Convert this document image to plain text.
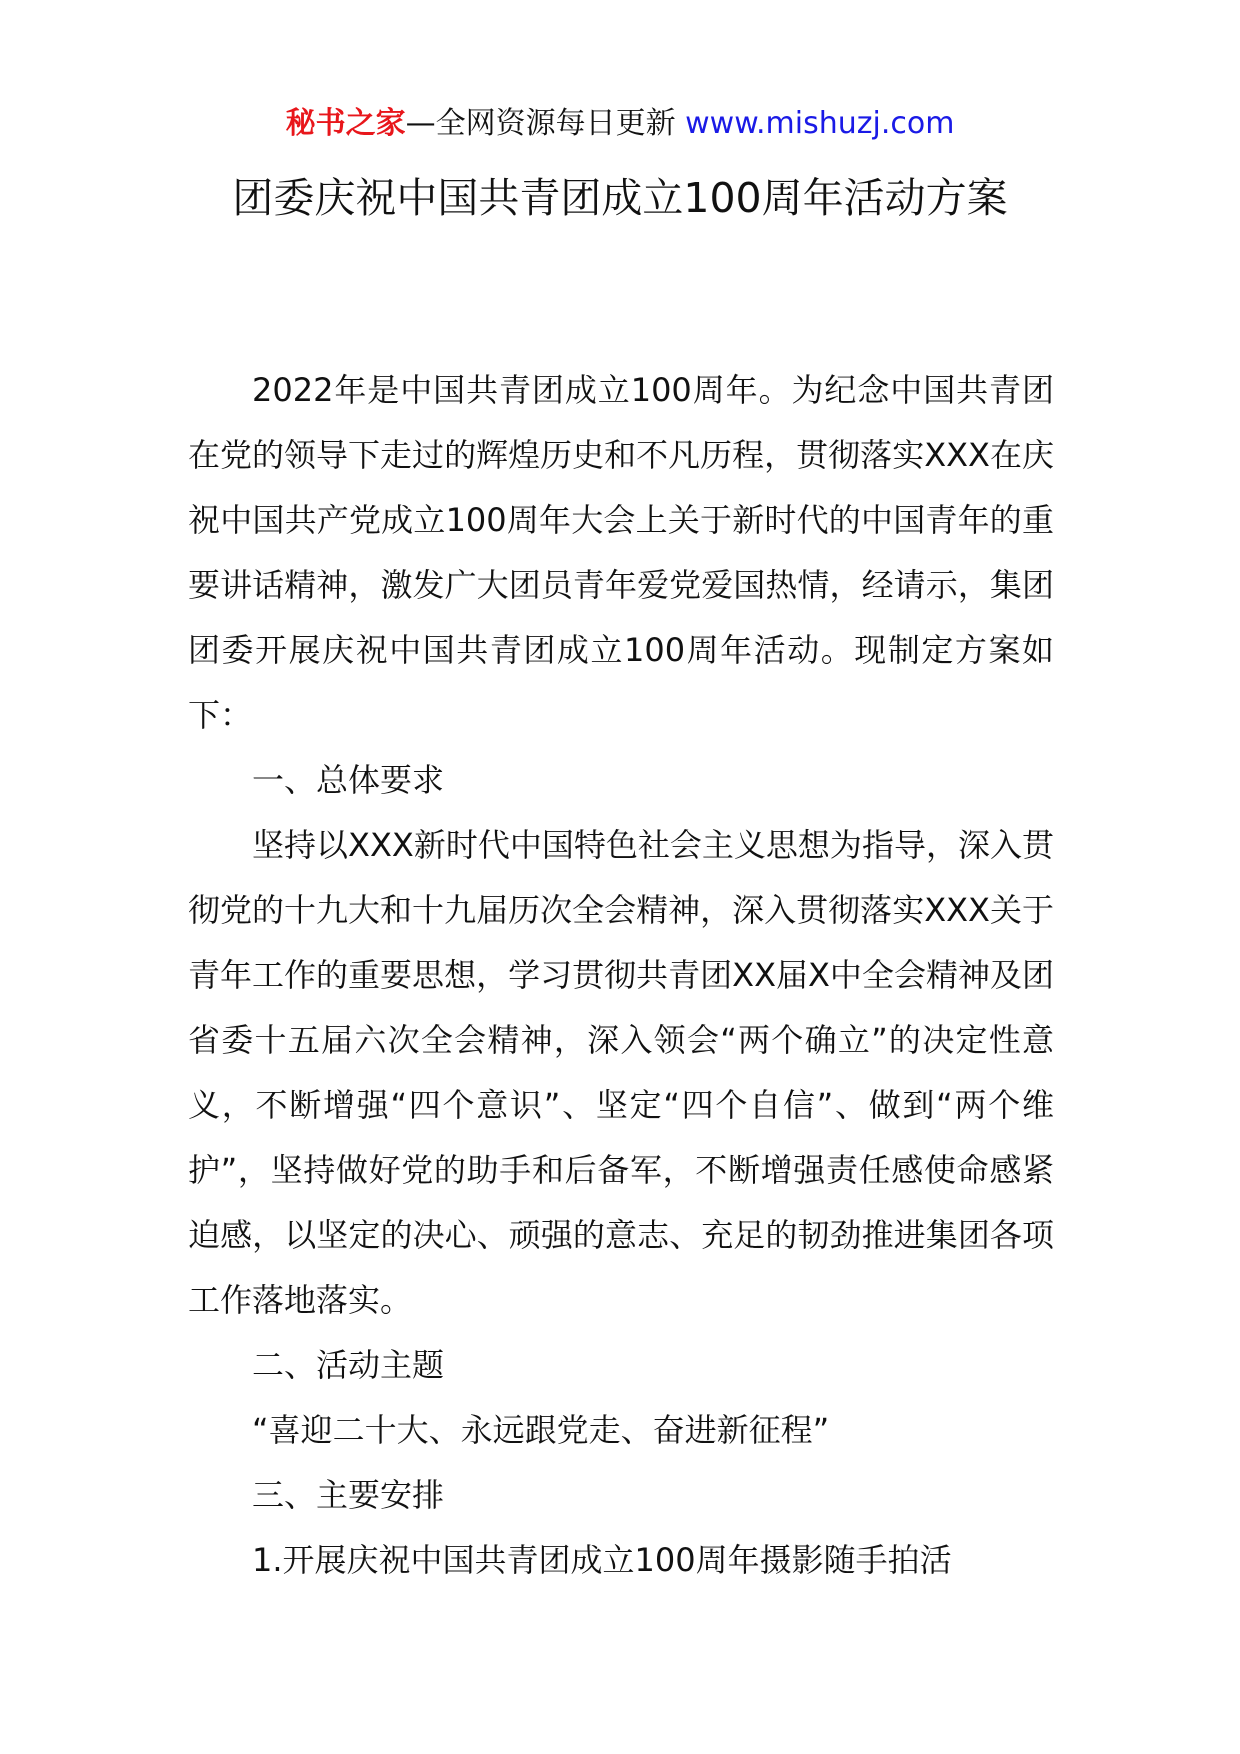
秘书之家—全网资源每日更新 www.mishuzj.com
团委庆祝中国共青团成立100周年活动方案

2022年是中国共青团成立100周年。为纪念中国共青团在党的领导下走过的辉煌历史和不凡历程，贯彻落实XXX在庆祝中国共产党成立100周年大会上关于新时代的中国青年的重要讲话精神，激发广大团员青年爱党爱国热情，经请示，集团团委开展庆祝中国共青团成立100周年活动。现制定方案如下：

一、总体要求

坚持以XXX新时代中国特色社会主义思想为指导，深入贯彻党的十九大和十九届历次全会精神，深入贯彻落实XXX关于青年工作的重要思想，学习贯彻共青团XX届X中全会精神及团省委十五届六次全会精神，深入领会“两个确立”的决定性意义，不断增强“四个意识”、坚定“四个自信”、做到“两个维护”，坚持做好党的助手和后备军，不断增强责任感使命感紧迫感，以坚定的决心、顽强的意志、充足的韧劲推进集团各项工作落地落实。

二、活动主题

“喜迎二十大、永远跟党走、奋进新征程”

三、主要安排

1.开展庆祝中国共青团成立100周年摄影随手拍活
